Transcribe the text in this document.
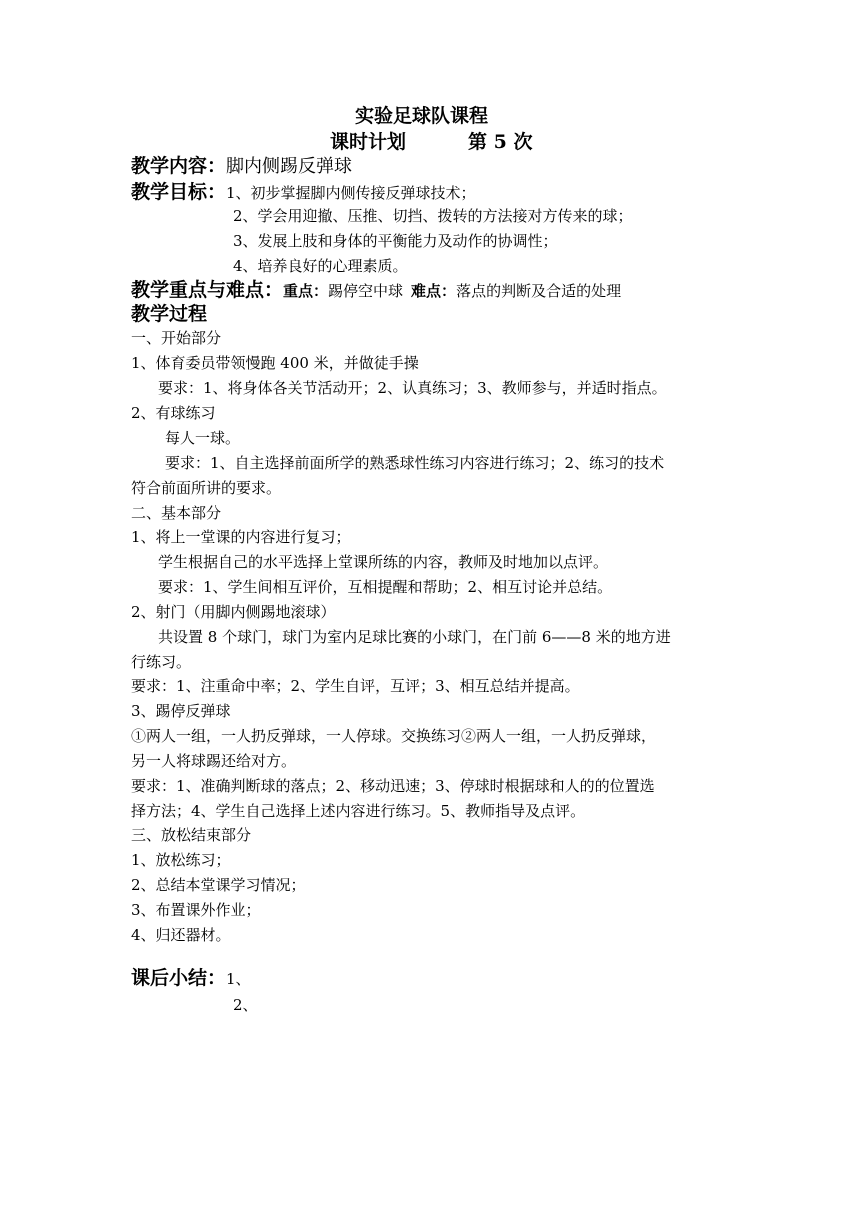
实验足球队课程
课时计划	第 5 次
教学内容：脚内侧踢反弹球
教学目标：1、初步掌握脚内侧传接反弹球技术；
2、学会用迎撤、压推、切挡、拨转的方法接对方传来的球；
3、发展上肢和身体的平衡能力及动作的协调性；
4、培养良好的心理素质。
教学重点与难点：重点：踢停空中球 难点：落点的判断及合适的处理
教学过程
一、开始部分
1、体育委员带领慢跑 400 米，并做徒手操
要求：1、将身体各关节活动开；2、认真练习；3、教师参与，并适时指点。
2、有球练习
每人一球。
要求：1、自主选择前面所学的熟悉球性练习内容进行练习；2、练习的技术
符合前面所讲的要求。
二、基本部分
1、将上一堂课的内容进行复习；
学生根据自己的水平选择上堂课所练的内容，教师及时地加以点评。
要求：1、学生间相互评价，互相提醒和帮助；2、相互讨论并总结。
2、射门（用脚内侧踢地滚球）
共设置 8 个球门，球门为室内足球比赛的小球门，在门前 6——8 米的地方进
行练习。
要求：1、注重命中率；2、学生自评，互评；3、相互总结并提高。
3、踢停反弹球
①两人一组，一人扔反弹球，一人停球。交换练习②两人一组，一人扔反弹球，
另一人将球踢还给对方。
要求：1、准确判断球的落点；2、移动迅速；3、停球时根据球和人的的位置选
择方法；4、学生自己选择上述内容进行练习。5、教师指导及点评。
三、放松结束部分
1、放松练习；
2、总结本堂课学习情况；
3、布置课外作业；
4、归还器材。
课后小结：1、
2、
